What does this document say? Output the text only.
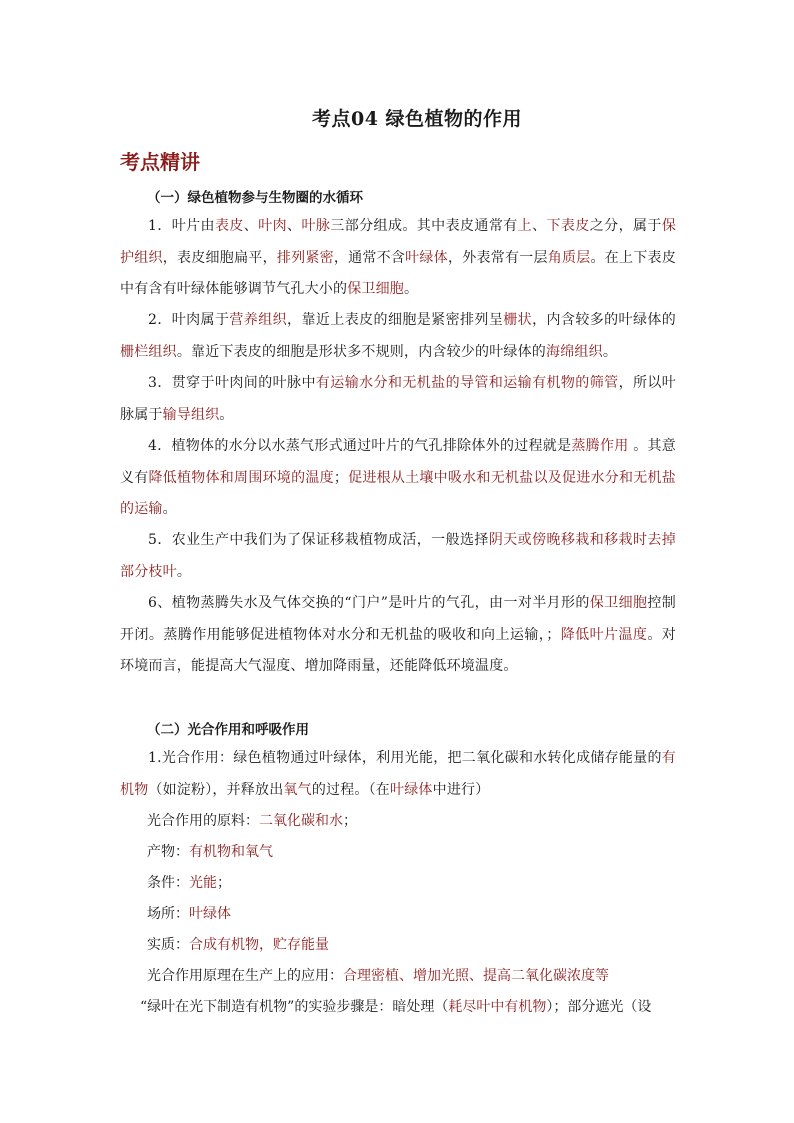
考点04 绿色植物的作用
考点精讲
（一）绿色植物参与生物圈的水循环
1．叶片由表皮、叶肉、叶脉三部分组成。其中表皮通常有上、下表皮之分，属于保护组织，表皮细胞扁平，排列紧密，通常不含叶绿体，外表常有一层角质层。在上下表皮中有含有叶绿体能够调节气孔大小的保卫细胞。
2．叶肉属于营养组织，靠近上表皮的细胞是紧密排列呈栅状，内含较多的叶绿体的栅栏组织。靠近下表皮的细胞是形状多不规则，内含较少的叶绿体的海绵组织。
3．贯穿于叶肉间的叶脉中有运输水分和无机盐的导管和运输有机物的筛管，所以叶脉属于输导组织。
4．植物体的水分以水蒸气形式通过叶片的气孔排除体外的过程就是蒸腾作用 。其意义有降低植物体和周围环境的温度；促进根从土壤中吸水和无机盐以及促进水分和无机盐的运输。
5．农业生产中我们为了保证移栽植物成活，一般选择阴天或傍晚移栽和移栽时去掉部分枝叶。
6、植物蒸腾失水及气体交换的“门户”是叶片的气孔，由一对半月形的保卫细胞控制开闭。蒸腾作用能够促进植物体对水分和无机盐的吸收和向上运输，；降低叶片温度。对环境而言，能提高大气湿度、增加降雨量，还能降低环境温度。
（二）光合作用和呼吸作用
1.光合作用：绿色植物通过叶绿体，利用光能，把二氧化碳和水转化成储存能量的有机物（如淀粉），并释放出氧气的过程。（在叶绿体中进行）
光合作用的原料：二氧化碳和水；
产物：有机物和氧气
条件：光能；
场所：叶绿体
实质：合成有机物，贮存能量
光合作用原理在生产上的应用：合理密植、增加光照、提高二氧化碳浓度等
“绿叶在光下制造有机物”的实验步骤是：暗处理（耗尽叶中有机物）；部分遮光（设
